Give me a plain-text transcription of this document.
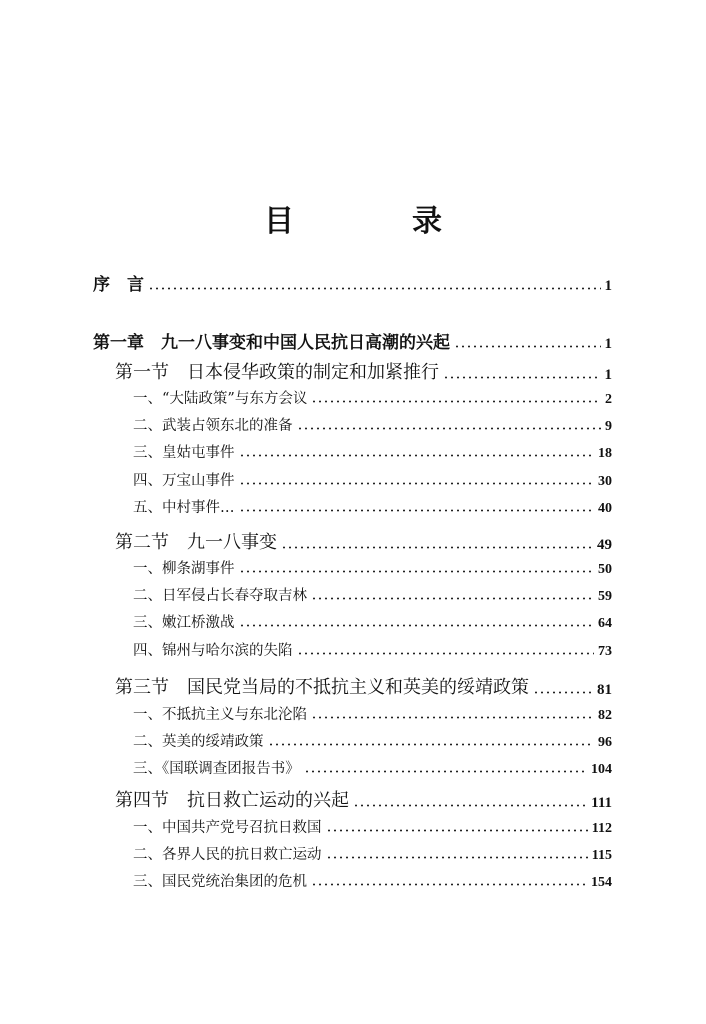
目　录
序　言	1
第一章　九一八事变和中国人民抗日高潮的兴起	1
第一节　日本侵华政策的制定和加紧推行	1
一、“大陆政策”与东方会议	2
二、武装占领东北的准备	9
三、皇姑屯事件	18
四、万宝山事件	30
五、中村事件…	40
第二节　九一八事变	49
一、柳条湖事件	50
二、日军侵占长春夺取吉林	59
三、嫩江桥激战	64
四、锦州与哈尔滨的失陷	73
第三节　国民党当局的不抵抗主义和英美的绥靖政策	81
一、不抵抗主义与东北沦陷	82
二、英美的绥靖政策	96
三、《国联调查团报告书》	104
第四节　抗日救亡运动的兴起	111
一、中国共产党号召抗日救国	112
二、各界人民的抗日救亡运动	115
三、国民党统治集团的危机	154
